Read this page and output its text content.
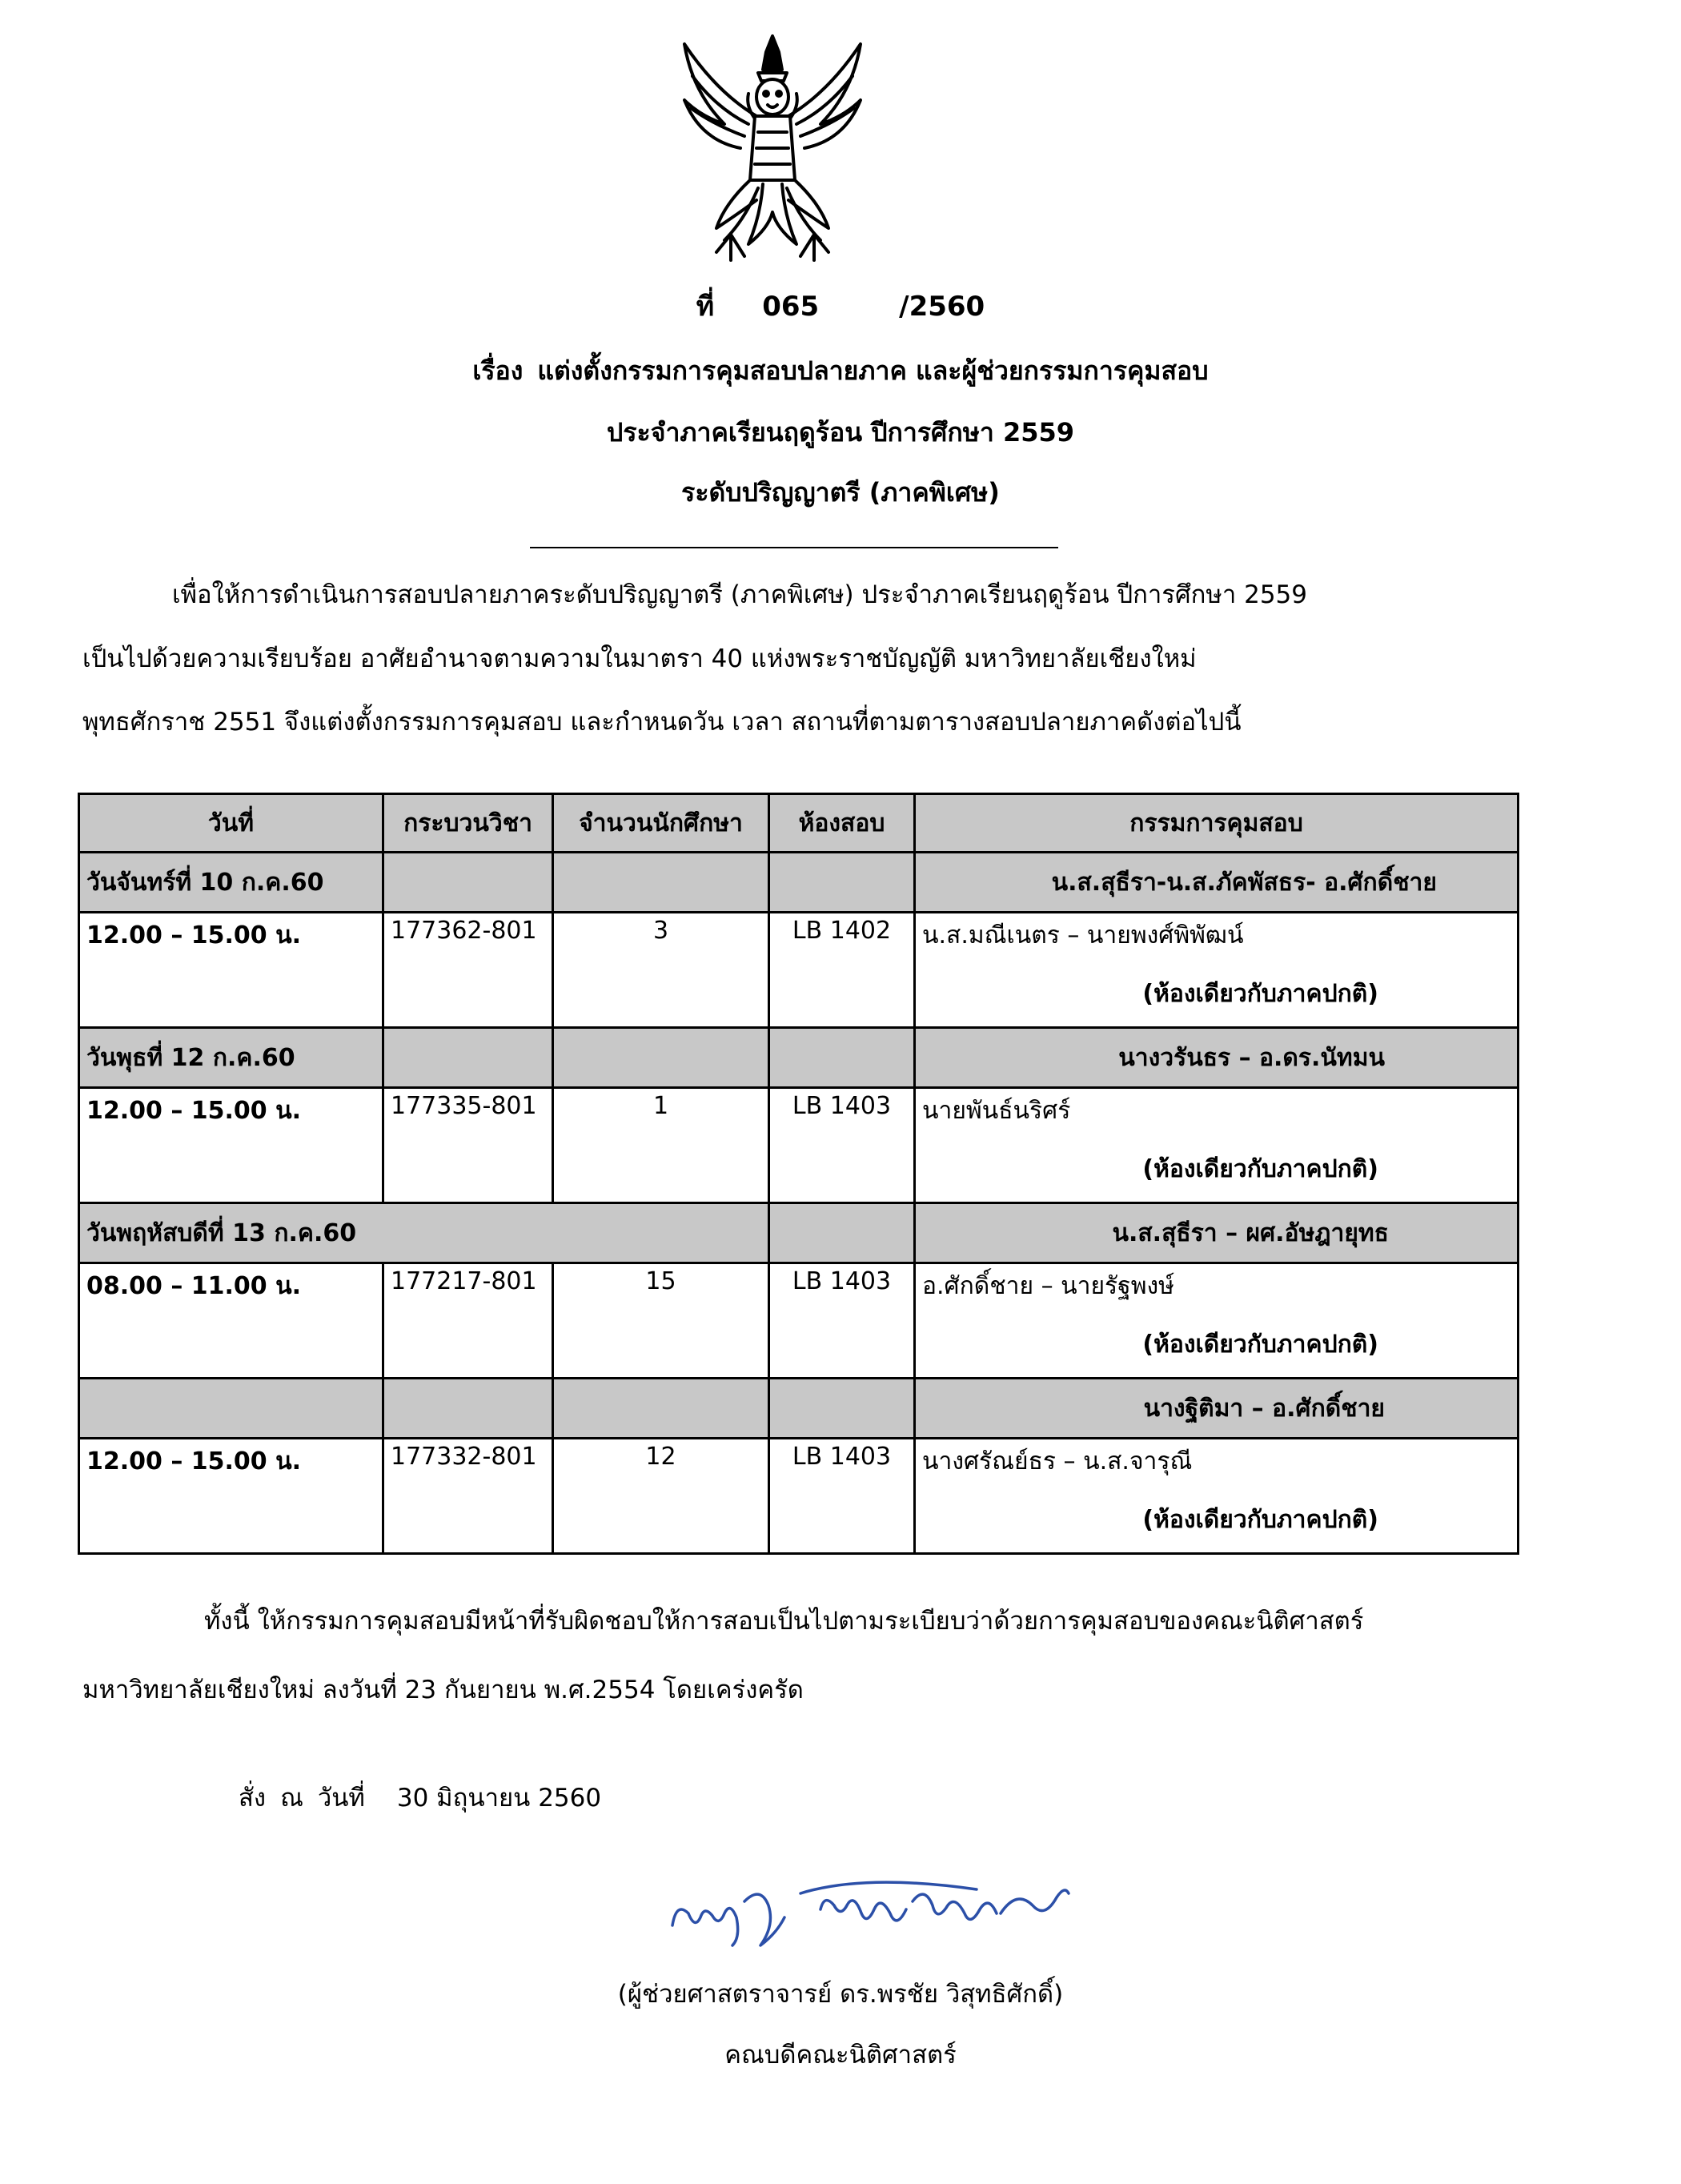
ที่ 065	/2560
เรื่อง แต่งตั้งกรรมการคุมสอบปลายภาค และผู้ช่วยกรรมการคุมสอบ
ประจำภาคเรียนฤดูร้อน ปีการศึกษา 2559
ระดับปริญญาตรี (ภาคพิเศษ)
เพื่อให้การดำเนินการสอบปลายภาคระดับปริญญาตรี (ภาคพิเศษ) ประจำภาคเรียนฤดูร้อน ปีการศึกษา 2559
เป็นไปด้วยความเรียบร้อย อาศัยอำนาจตามความในมาตรา 40 แห่งพระราชบัญญัติ มหาวิทยาลัยเชียงใหม่
พุทธศักราช 2551 จึงแต่งตั้งกรรมการคุมสอบ และกำหนดวัน เวลา สถานที่ตามตารางสอบปลายภาคดังต่อไปนี้
วันที่	กระบวนวิชา	จำนวนนักศึกษา	ห้องสอบ	กรรมการคุมสอบ
วันจันทร์ที่ 10 ก.ค.60				น.ส.สุธีรา-น.ส.ภัคพัสธร- อ.ศักดิ์ชาย
12.00 – 15.00 น.	177362-801	3	LB 1402	น.ส.มณีเนตร – นายพงศ์พิพัฒน์
(ห้องเดียวกับภาคปกติ)

วันพุธที่ 12 ก.ค.60				นางวรันธร – อ.ดร.นัทมน
12.00 – 15.00 น.	177335-801	1	LB 1403	นายพันธ์นริศร์
(ห้องเดียวกับภาคปกติ)

วันพฤหัสบดีที่ 13 ก.ค.60				น.ส.สุธีรา – ผศ.อัษฎายุทธ
08.00 – 11.00 น.	177217-801	15	LB 1403	อ.ศักดิ์ชาย – นายรัฐพงษ์
(ห้องเดียวกับภาคปกติ)

				นางฐิติมา – อ.ศักดิ์ชาย
12.00 – 15.00 น.	177332-801	12	LB 1403	นางศรัณย์ธร – น.ส.จารุณี
(ห้องเดียวกับภาคปกติ)
ทั้งนี้ ให้กรรมการคุมสอบมีหน้าที่รับผิดชอบให้การสอบเป็นไปตามระเบียบว่าด้วยการคุมสอบของคณะนิติศาสตร์
มหาวิทยาลัยเชียงใหม่ ลงวันที่ 23 กันยายน พ.ศ.2554 โดยเคร่งครัด
สั่ง ณ วันที่ 30 มิถุนายน 2560
(ผู้ช่วยศาสตราจารย์ ดร.พรชัย วิสุทธิศักดิ์)
คณบดีคณะนิติศาสตร์
